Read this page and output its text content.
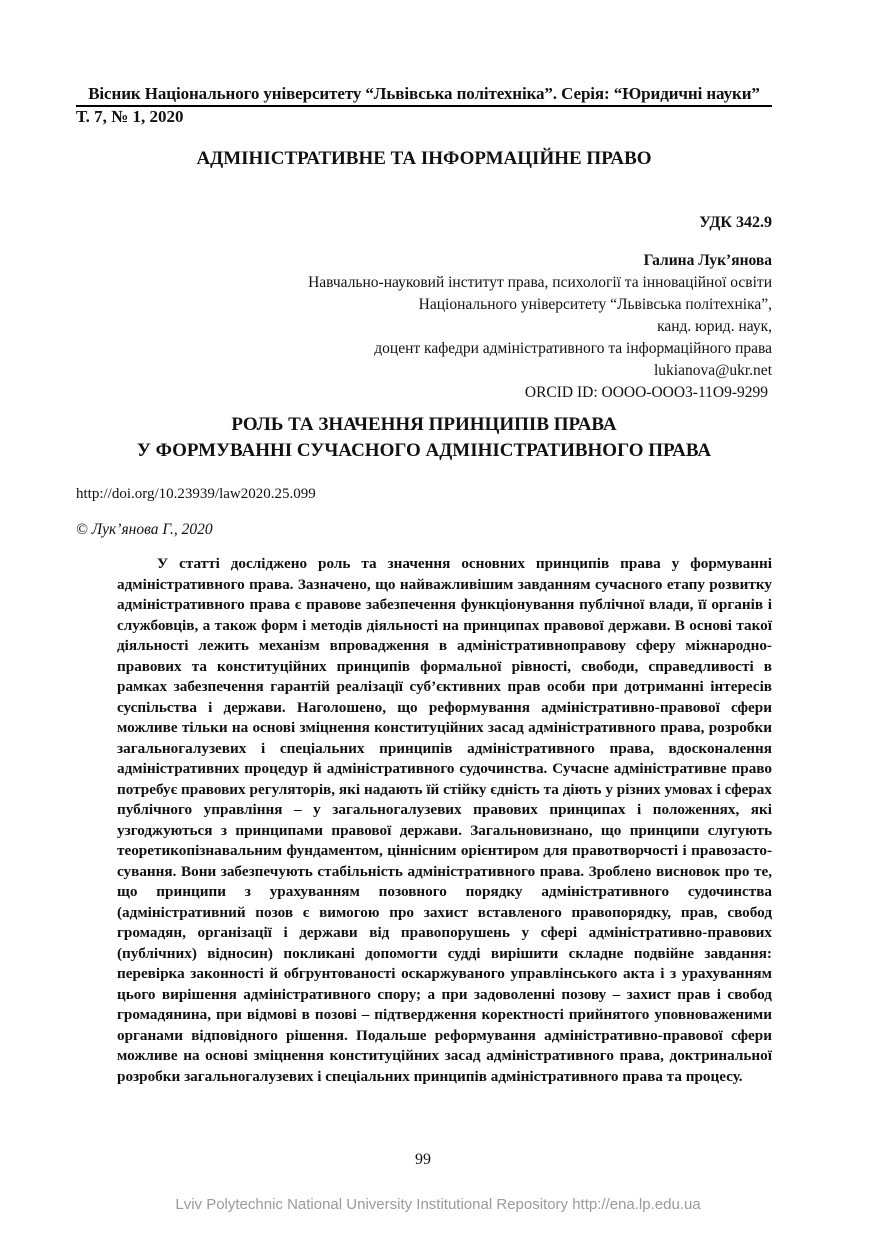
Вісник Національного університету “Львівська політехніка”. Серія: “Юридичні науки”
Т. 7, № 1, 2020
АДМІНІСТРАТИВНЕ ТА ІНФОРМАЦІЙНЕ ПРАВО
УДК 342.9
Галина Лук’янова
Навчально-науковий інститут права, психології та інноваційної освіти
Національного університету “Львівська політехніка”,
канд. юрид. наук,
доцент кафедри адміністративного та інформаційного права
lukianova@ukr.net
ORCID ID: OOOO-OOO3-11O9-9299
РОЛЬ ТА ЗНАЧЕННЯ ПРИНЦИПІВ ПРАВА
У ФОРМУВАННІ СУЧАСНОГО АДМІНІСТРАТИВНОГО ПРАВА
http://doi.org/10.23939/law2020.25.099
© Лук’янова Г., 2020

У статті досліджено роль та значення основних принципів права у формуванні адміністративного права. Зазначено, що найважливішим завданням сучасного етапу розвитку адміністративного права є правове забезпечення функціонування публічної влади, її органів і службовців, а також форм і методів діяльності на принципах правової держави. В основі такої діяльності лежить механізм впровадження в адміністративноправову сферу міжнародно-правових та конституційних принципів формальної рівності, свободи, справедливості в рамках забезпечення гарантій реалізації суб’єктивних прав особи при дотриманні інтересів суспільства і держави. Наголошено, що реформування адміністративно-правової сфери можливе тільки на основі зміцнення конституційних засад адміністративного права, розробки загальногалузевих і спеціальних принципів адміністративного права, вдосконалення адміністративних процедур й адміністративного судочинства. Сучасне адміністративне право потребує правових регуляторів, які надають їй стійку єдність та діють у різних умовах і сферах публічного управління – у загальногалузевих правових принципах і положеннях, які узгоджуються з принципами правової держави. Загальновизнано, що принципи слугують теоретикопізнавальним фундаментом, ціннісним орієнтиром для правотворчості і правозастосування. Вони забезпечують стабільність адміністративного права. Зроблено висновок про те, що принципи з урахуванням позовного порядку адміністративного судочинства (адміністративний позов є вимогою про захист вставленого правопорядку, прав, свобод громадян, організації і держави від правопорушень у сфері адміністративно-правових (публічних) відносин) покликані допомогти судді вирішити складне подвійне завдання: перевірка законності й обгрунтованості оскаржуваного управлінського акта і з урахуванням цього вирішення адміністративного спору; а при задоволенні позову – захист прав і свобод громадянина, при відмові в позові – підтвердження коректності прийнятого уповноваженими органами відповідного рішення. Подальше реформування адміністративно-правової сфери можливе на основі зміцнення конституційних засад адміністративного права, доктринальної розробки загальногалузевих і спеціальних принципів адміністративного права та процесу.

99
Lviv Polytechnic National University Institutional Repository http://ena.lp.edu.ua
